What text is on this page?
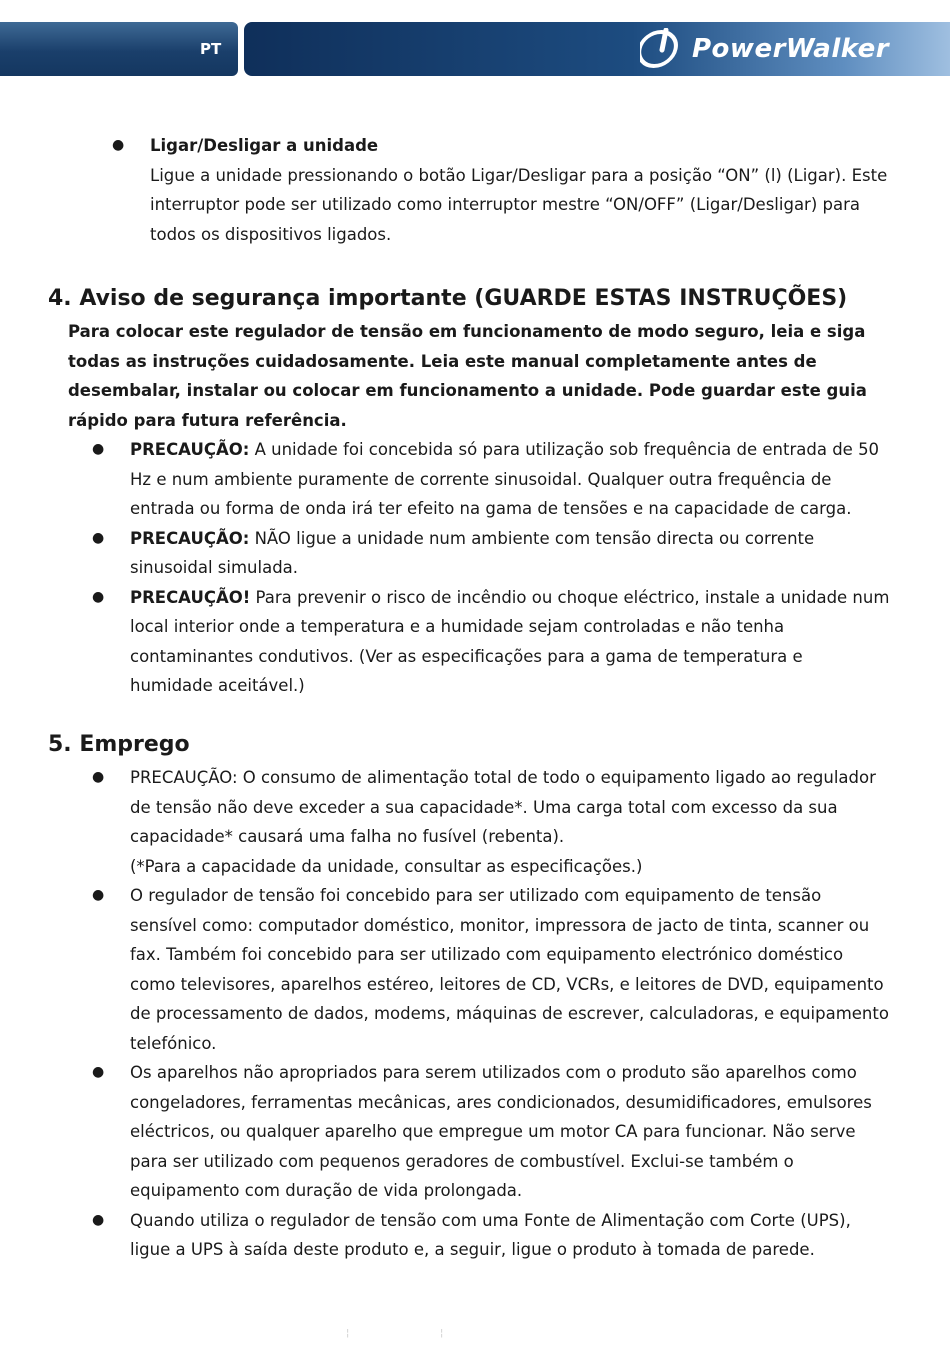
PT	PowerWalker
● Ligar/Desligar a unidade
Ligue a unidade pressionando o botão Ligar/Desligar para a posição “ON” (l) (Ligar). Este interruptor pode ser utilizado como interruptor mestre “ON/OFF” (Ligar/Desligar) para todos os dispositivos ligados.
4. Aviso de segurança importante (GUARDE ESTAS INSTRUÇÕES)

Para colocar este regulador de tensão em funcionamento de modo seguro, leia e siga todas as instruções cuidadosamente. Leia este manual completamente antes de desembalar, instalar ou colocar em funcionamento a unidade. Pode guardar este guia rápido para futura referência.

● PRECAUÇÃO: A unidade foi concebida só para utilização sob frequência de entrada de 50 Hz e num ambiente puramente de corrente sinusoidal. Qualquer outra frequência de entrada ou forma de onda irá ter efeito na gama de tensões e na capacidade de carga.
● PRECAUÇÃO: NÃO ligue a unidade num ambiente com tensão directa ou corrente sinusoidal simulada.
● PRECAUÇÃO! Para prevenir o risco de incêndio ou choque eléctrico, instale a unidade num local interior onde a temperatura e a humidade sejam controladas e não tenha contaminantes condutivos. (Ver as especificações para a gama de temperatura e humidade aceitável.)
5. Emprego
● PRECAUÇÃO: O consumo de alimentação total de todo o equipamento ligado ao regulador de tensão não deve exceder a sua capacidade*. Uma carga total com excesso da sua capacidade* causará uma falha no fusível (rebenta).
(*Para a capacidade da unidade, consultar as especificações.)
● O regulador de tensão foi concebido para ser utilizado com equipamento de tensão sensível como: computador doméstico, monitor, impressora de jacto de tinta, scanner ou fax. Também foi concebido para ser utilizado com equipamento electrónico doméstico como televisores, aparelhos estéreo, leitores de CD, VCRs, e leitores de DVD, equipamento de processamento de dados, modems, máquinas de escrever, calculadoras, e equipamento telefónico.
● Os aparelhos não apropriados para serem utilizados com o produto são aparelhos como congeladores, ferramentas mecânicas, ares condicionados, desumidificadores, emulsores eléctricos, ou qualquer aparelho que empregue um motor CA para funcionar. Não serve para ser utilizado com pequenos geradores de combustível. Exclui-se também o equipamento com duração de vida prolongada.
● Quando utiliza o regulador de tensão com uma Fonte de Alimentação com Corte (UPS), ligue a UPS à saída deste produto e, a seguir, ligue o produto à tomada de parede.
¦	¦
